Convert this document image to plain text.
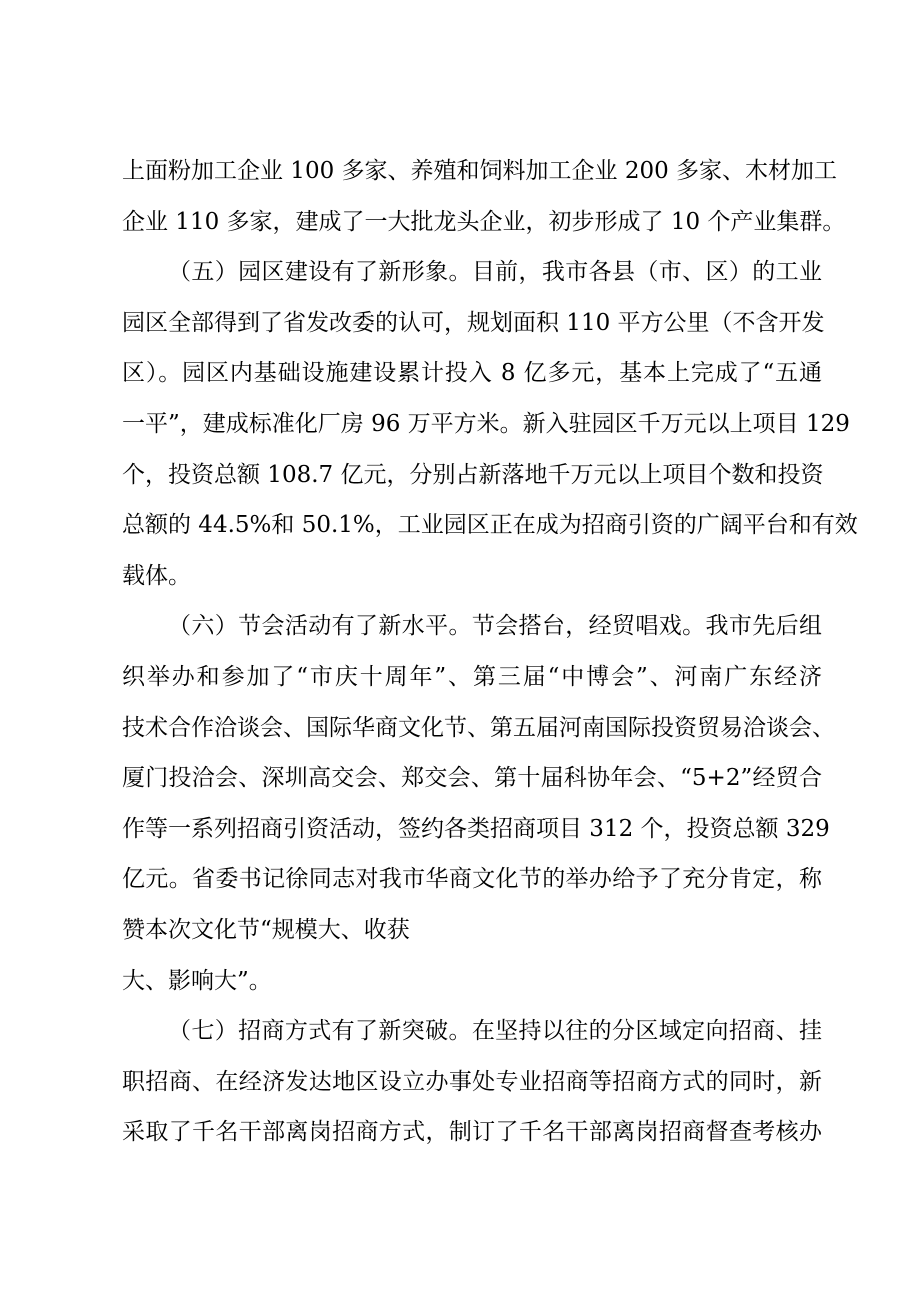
上面粉加工企业 100 多家、养殖和饲料加工企业 200 多家、木材加工
企业 110 多家，建成了一大批龙头企业，初步形成了 10 个产业集群。
（五）园区建设有了新形象。目前，我市各县（市、区）的工业
园区全部得到了省发改委的认可，规划面积 110 平方公里（不含开发
区）。园区内基础设施建设累计投入 8 亿多元，基本上完成了“五通
一平”，建成标准化厂房 96 万平方米。新入驻园区千万元以上项目 129
个，投资总额 108.7 亿元，分别占新落地千万元以上项目个数和投资
总额的 44.5%和 50.1%，工业园区正在成为招商引资的广阔平台和有效
载体。
（六）节会活动有了新水平。节会搭台，经贸唱戏。我市先后组
织举办和参加了“市庆十周年”、第三届“中博会”、河南广东经济
技术合作洽谈会、国际华商文化节、第五届河南国际投资贸易洽谈会、
厦门投洽会、深圳高交会、郑交会、第十届科协年会、“5+2”经贸合
作等一系列招商引资活动，签约各类招商项目 312 个，投资总额 329
亿元。省委书记徐同志对我市华商文化节的举办给予了充分肯定，称
赞本次文化节“规模大、收获
大、影响大”。
（七）招商方式有了新突破。在坚持以往的分区域定向招商、挂
职招商、在经济发达地区设立办事处专业招商等招商方式的同时，新
采取了千名干部离岗招商方式，制订了千名干部离岗招商督查考核办
